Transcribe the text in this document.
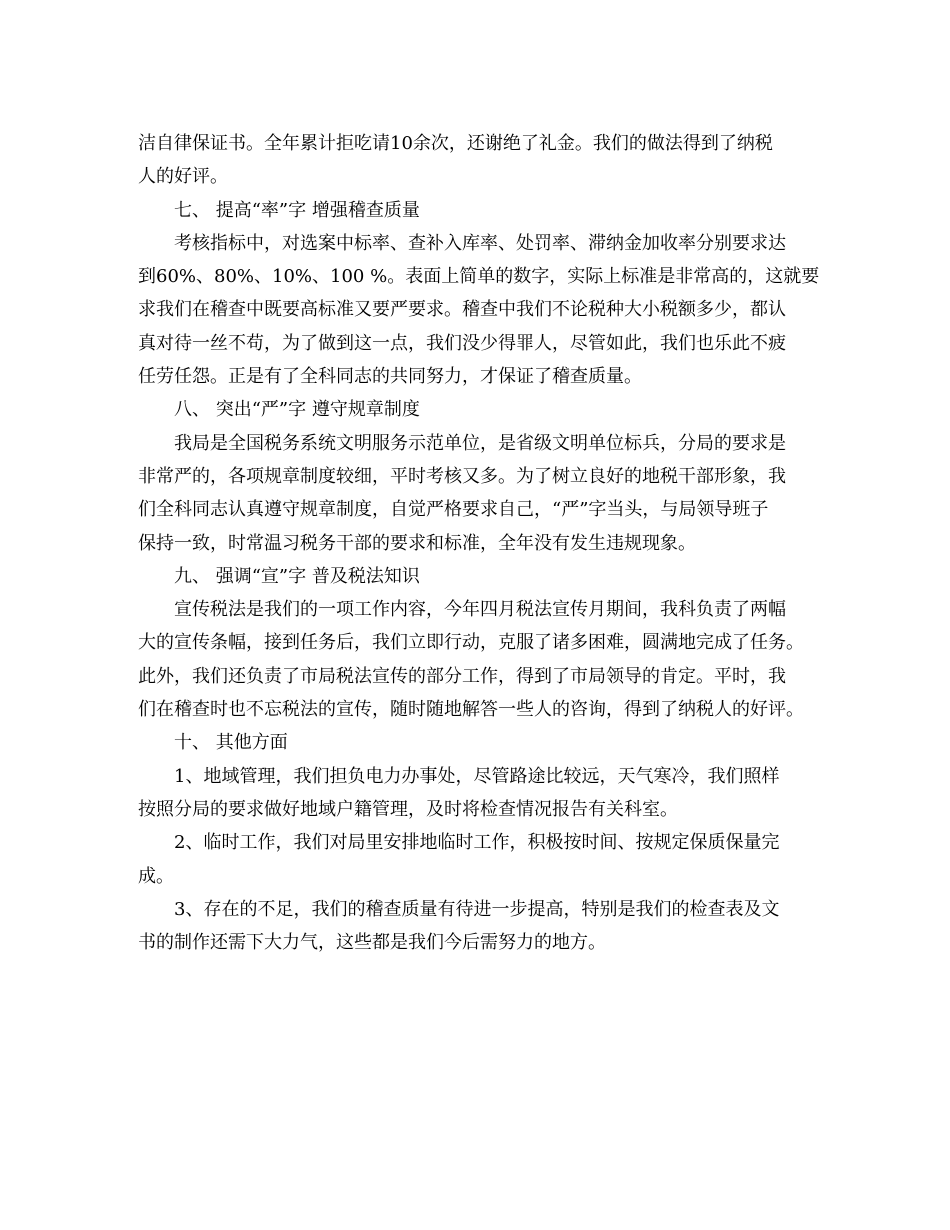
洁自律保证书。全年累计拒吃请10余次，还谢绝了礼金。我们的做法得到了纳税
人的好评。
七、 提高“率”字 增强稽查质量
考核指标中，对选案中标率、查补入库率、处罚率、滞纳金加收率分别要求达
到60%、80%、10%、100 %。表面上简单的数字，实际上标准是非常高的，这就要
求我们在稽查中既要高标准又要严要求。稽查中我们不论税种大小税额多少，都认
真对待一丝不苟，为了做到这一点，我们没少得罪人，尽管如此，我们也乐此不疲
任劳任怨。正是有了全科同志的共同努力，才保证了稽查质量。
八、 突出“严”字 遵守规章制度
我局是全国税务系统文明服务示范单位，是省级文明单位标兵，分局的要求是
非常严的，各项规章制度较细，平时考核又多。为了树立良好的地税干部形象，我
们全科同志认真遵守规章制度，自觉严格要求自己，“严”字当头，与局领导班子
保持一致，时常温习税务干部的要求和标准，全年没有发生违规现象。
九、 强调“宣”字 普及税法知识
宣传税法是我们的一项工作内容，今年四月税法宣传月期间，我科负责了两幅
大的宣传条幅，接到任务后，我们立即行动，克服了诸多困难，圆满地完成了任务。
此外，我们还负责了市局税法宣传的部分工作，得到了市局领导的肯定。平时，我
们在稽查时也不忘税法的宣传，随时随地解答一些人的咨询，得到了纳税人的好评。
十、 其他方面
1、地域管理，我们担负电力办事处，尽管路途比较远，天气寒冷，我们照样
按照分局的要求做好地域户籍管理，及时将检查情况报告有关科室。
2、临时工作，我们对局里安排地临时工作，积极按时间、按规定保质保量完
成。
3、存在的不足，我们的稽查质量有待进一步提高，特别是我们的检查表及文
书的制作还需下大力气，这些都是我们今后需努力的地方。
